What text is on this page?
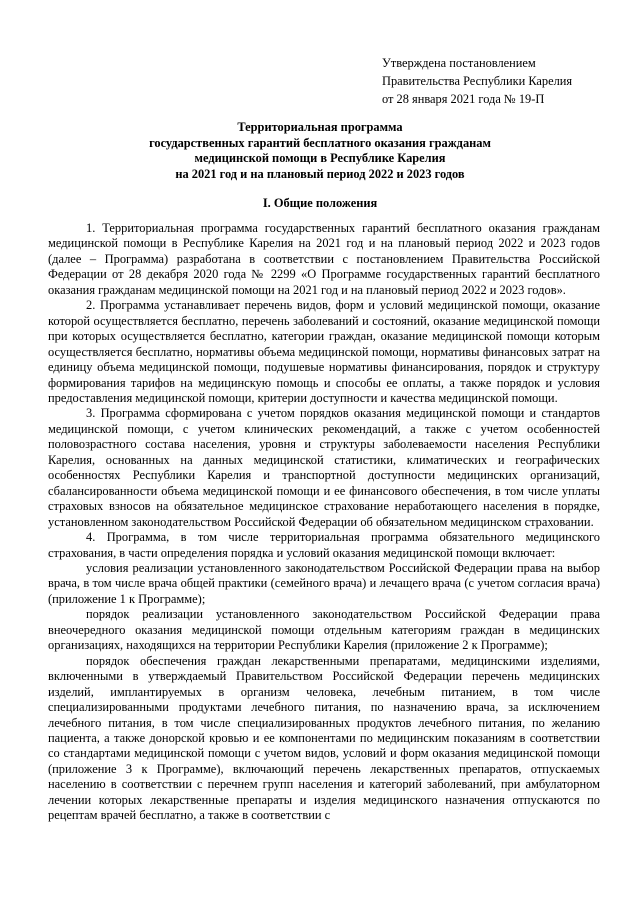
Утверждена постановлением
Правительства Республики Карелия
от 28 января 2021 года № 19-П
Территориальная программа
государственных гарантий бесплатного оказания гражданам
медицинской помощи в Республике Карелия
на 2021 год и на плановый период 2022 и 2023 годов
I. Общие положения

1. Территориальная программа государственных гарантий бесплатного оказания гражданам медицинской помощи в Республике Карелия на 2021 год и на плановый период 2022 и 2023 годов (далее – Программа) разработана в соответствии с постановлением Правительства Российской Федерации от 28 декабря 2020 года № 2299 «О Программе государственных гарантий бесплатного оказания гражданам медицинской помощи на 2021 год и на плановый период 2022 и 2023 годов».

2. Программа устанавливает перечень видов, форм и условий медицинской помощи, оказание которой осуществляется бесплатно, перечень заболеваний и состояний, оказание медицинской помощи при которых осуществляется бесплатно, категории граждан, оказание медицинской помощи которым осуществляется бесплатно, нормативы объема медицинской помощи, нормативы финансовых затрат на единицу объема медицинской помощи, подушевые нормативы финансирования, порядок и структуру формирования тарифов на медицинскую помощь и способы ее оплаты, а также порядок и условия предоставления медицинской помощи, критерии доступности и качества медицинской помощи.

3. Программа сформирована с учетом порядков оказания медицинской помощи и стандартов медицинской помощи, с учетом клинических рекомендаций, а также с учетом особенностей половозрастного состава населения, уровня и структуры заболеваемости населения Республики Карелия, основанных на данных медицинской статистики, климатических и географических особенностях Республики Карелия и транспортной доступности медицинских организаций, сбалансированности объема медицинской помощи и ее финансового обеспечения, в том числе уплаты страховых взносов на обязательное медицинское страхование неработающего населения в порядке, установленном законодательством Российской Федерации об обязательном медицинском страховании.

4. Программа, в том числе территориальная программа обязательного медицинского страхования, в части определения порядка и условий оказания медицинской помощи включает:

условия реализации установленного законодательством Российской Федерации права на выбор врача, в том числе врача общей практики (семейного врача) и лечащего врача (с учетом согласия врача) (приложение 1 к Программе);

порядок реализации установленного законодательством Российской Федерации права внеочередного оказания медицинской помощи отдельным категориям граждан в медицинских организациях, находящихся на территории Республики Карелия (приложение 2 к Программе);

порядок обеспечения граждан лекарственными препаратами, медицинскими изделиями, включенными в утверждаемый Правительством Российской Федерации перечень медицинских изделий, имплантируемых в организм человека, лечебным питанием, в том числе специализированными продуктами лечебного питания, по назначению врача, за исключением лечебного питания, в том числе специализированных продуктов лечебного питания, по желанию пациента, а также донорской кровью и ее компонентами по медицинским показаниям в соответствии со стандартами медицинской помощи с учетом видов, условий и форм оказания медицинской помощи (приложение 3 к Программе), включающий перечень лекарственных препаратов, отпускаемых населению в соответствии с перечнем групп населения и категорий заболеваний, при амбулаторном лечении которых лекарственные препараты и изделия медицинского назначения отпускаются по рецептам врачей бесплатно, а также в соответствии с
